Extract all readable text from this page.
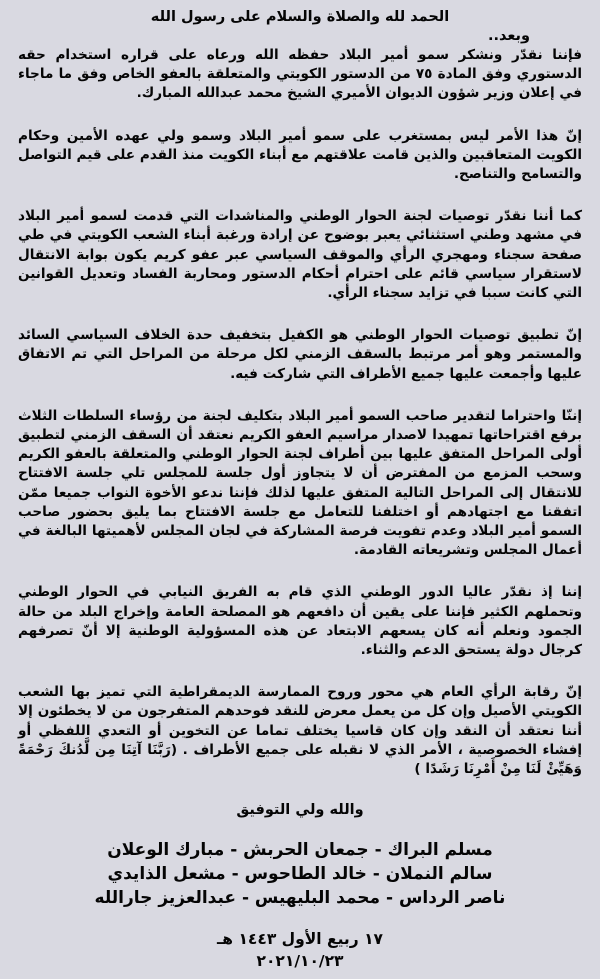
الحمد لله والصلاة والسلام على رسول الله

وبعد..

فإننا نقدّر ونشكر سمو أمير البلاد حفظه الله ورعاه على قراره استخدام حقه الدستوري وفق المادة ٧٥ من الدستور الكويتي والمتعلقة بالعفو الخاص وفق ما ماجاء في إعلان وزير شؤون الديوان الأميري الشيخ محمد عبدالله المبارك.

إنّ هذا الأمر ليس بمستغرب على سمو أمير البلاد وسمو ولي عهده الأمين وحكام الكويت المتعاقبين والذين قامت علاقتهم مع أبناء الكويت منذ القدم على قيم التواصل والتسامح والتناصح.

كما أننا نقدّر توصيات لجنة الحوار الوطني والمناشدات التي قدمت لسمو أمير البلاد في مشهد وطني استثنائي يعبر بوضوح عن إرادة ورغبة أبناء الشعب الكويتي في طي صفحة سجناء ومهجري الرأي والموقف السياسي عبر عفو كريم يكون بوابة الانتقال لاستقرار سياسي قائم على احترام أحكام الدستور ومحاربة الفساد وتعديل القوانين التي كانت سببا في تزايد سجناء الرأي.

إنّ تطبيق توصيات الحوار الوطني هو الكفيل بتخفيف حدة الخلاف السياسي السائد والمستمر وهو أمر مرتبط بالسقف الزمني لكل مرحلة من المراحل التي تم الاتفاق عليها وأجمعت عليها جميع الأطراف التي شاركت فيه.

إننّا واحتراما لتقدير صاحب السمو أمير البلاد بتكليف لجنة من رؤساء السلطات الثلاث برفع اقتراحاتها تمهيدا لاصدار مراسيم العفو الكريم نعتقد أن السقف الزمني لتطبيق أولى المراحل المتفق عليها بين أطراف لجنة الحوار الوطني والمتعلقة بالعفو الكريم وسحب المزمع من المفترض أن لا يتجاوز أول جلسة للمجلس تلي جلسة الافتتاح للانتقال إلى المراحل التالية المتفق عليها لذلك فإننا ندعو الأخوة النواب جميعا ممّن اتفقنا مع اجتهادهم أو اختلفنا للتعامل مع جلسة الافتتاح بما يليق بحضور صاحب السمو أمير البلاد وعدم تفويت فرصة المشاركة في لجان المجلس لأهميتها البالغة في أعمال المجلس وتشريعاته القادمة.

إننا إذ نقدّر عاليا الدور الوطني الذي قام به الفريق النيابي في الحوار الوطني وتحملهم الكثير فإننا على يقين أن دافعهم هو المصلحة العامة وإخراج البلد من حالة الجمود ونعلم أنه كان يسعهم الابتعاد عن هذه المسؤولية الوطنية إلا أنّ تصرفهم كرجال دولة يستحق الدعم والثناء.

إنّ رقابة الرأي العام هي محور وروح الممارسة الديمقراطية التي تميز بها الشعب الكويتي الأصيل وإن كل من يعمل معرض للنقد فوحدهم المتفرجون من لا يخطئون إلا أننا نعتقد أن النقد وإن كان قاسيا يختلف تماما عن التخوين أو التعدي اللفظي أو إفشاء الخصوصية ، الأمر الذي لا نقبله على جميع الأطراف . (رَبَّنَا آتِنَا مِن لَّدُنكَ رَحْمَةً وَهَيِّئْ لَنَا مِنْ أَمْرِنَا رَشَدًا )

والله ولي التوفيق

مسلم البراك - جمعان الحربش - مبارك الوعلان

سالم النملان - خالد الطاحوس - مشعل الذايدي

ناصر الرداس - محمد البليهيس - عبدالعزيز جارالله

١٧ ربيع الأول ١٤٤٣ هـ

٢٠٢١/١٠/٢٣
